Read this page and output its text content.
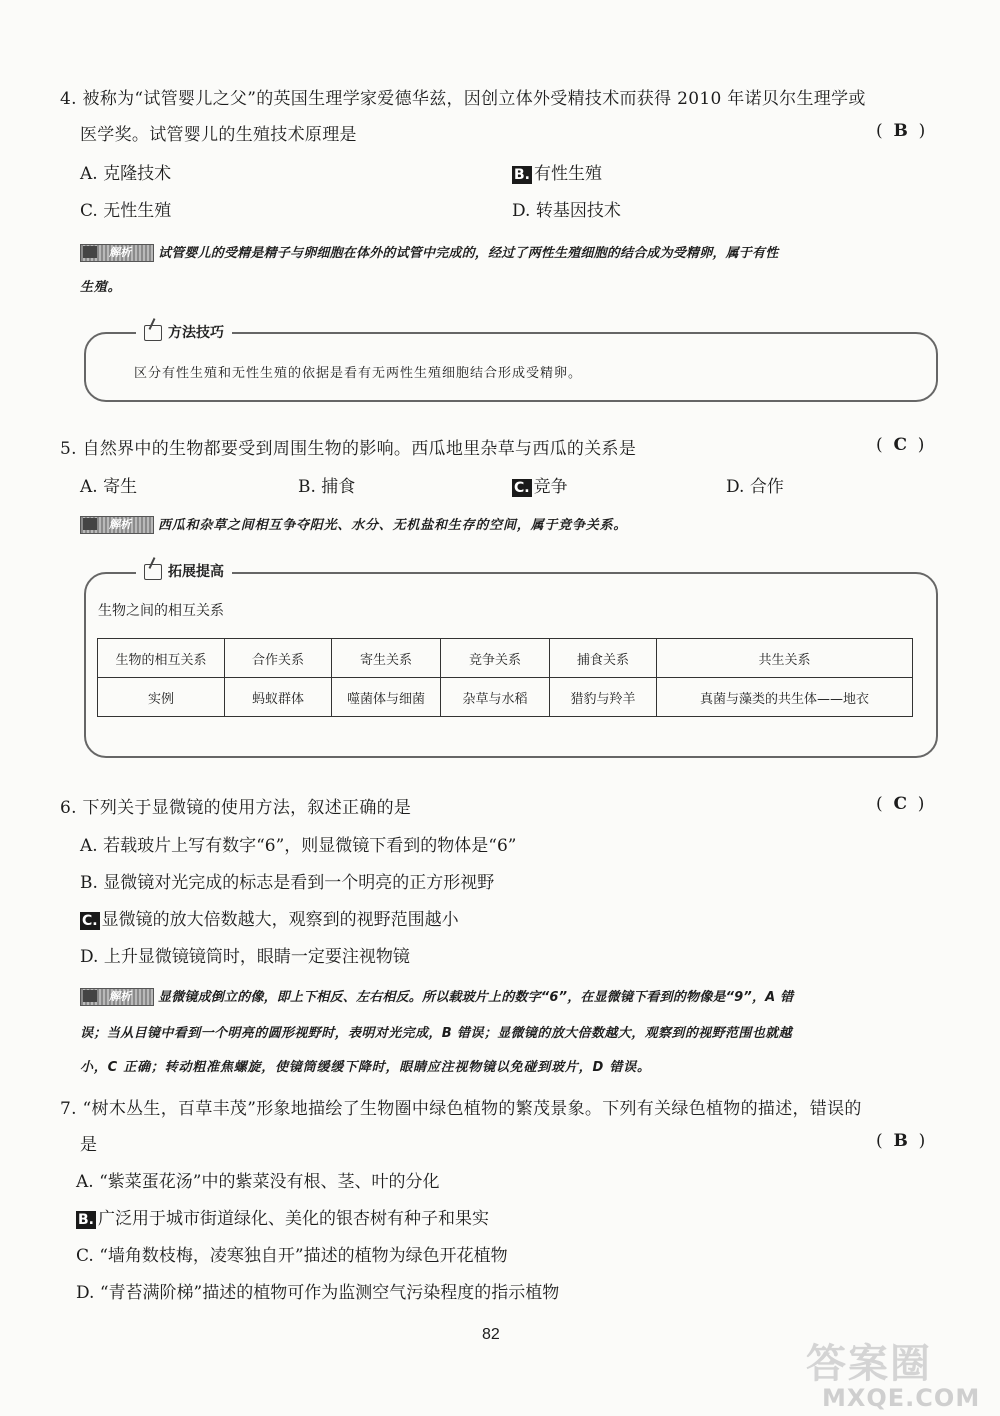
4. 被称为“试管婴儿之父”的英国生理学家爱德华兹，因创立体外受精技术而获得 2010 年诺贝尔生理学或
医学奖。试管婴儿的生殖技术原理是	(  B  )
A. 克隆技术	B. 有性生殖
C. 无性生殖	D. 转基因技术
解析 试管婴儿的受精是精子与卵细胞在体外的试管中完成的，经过了两性生殖细胞的结合成为受精卵，属于有性
生殖。
方法技巧
区分有性生殖和无性生殖的依据是看有无两性生殖细胞结合形成受精卵。
5. 自然界中的生物都要受到周围生物的影响。西瓜地里杂草与西瓜的关系是	(  C  )
A. 寄生	B. 捕食	C. 竞争	D. 合作
解析 西瓜和杂草之间相互争夺阳光、水分、无机盐和生存的空间，属于竞争关系。
拓展提高
生物之间的相互关系
生物的相互关系	合作关系	寄生关系	竞争关系	捕食关系	共生关系
实例	蚂蚁群体	噬菌体与细菌	杂草与水稻	猎豹与羚羊	真菌与藻类的共生体——地衣
6. 下列关于显微镜的使用方法，叙述正确的是	(  C  )
A. 若载玻片上写有数字“6”，则显微镜下看到的物体是“6”
B. 显微镜对光完成的标志是看到一个明亮的正方形视野
C. 显微镜的放大倍数越大，观察到的视野范围越小
D. 上升显微镜镜筒时，眼睛一定要注视物镜
解析 显微镜成倒立的像，即上下相反、左右相反。所以载玻片上的数字“6”，在显微镜下看到的物像是“9”，A 错
误；当从目镜中看到一个明亮的圆形视野时，表明对光完成，B 错误；显微镜的放大倍数越大，观察到的视野范围也就越
小，C 正确；转动粗准焦螺旋，使镜筒缓缓下降时，眼睛应注视物镜以免碰到玻片，D 错误。
7. “树木丛生，百草丰茂”形象地描绘了生物圈中绿色植物的繁茂景象。下列有关绿色植物的描述，错误的
是	(  B  )
A. “紫菜蛋花汤”中的紫菜没有根、茎、叶的分化
B. 广泛用于城市街道绿化、美化的银杏树有种子和果实
C. “墙角数枝梅，凌寒独自开”描述的植物为绿色开花植物
D. “青苔满阶梯”描述的植物可作为监测空气污染程度的指示植物
82
答案圈
MXQE.COM
